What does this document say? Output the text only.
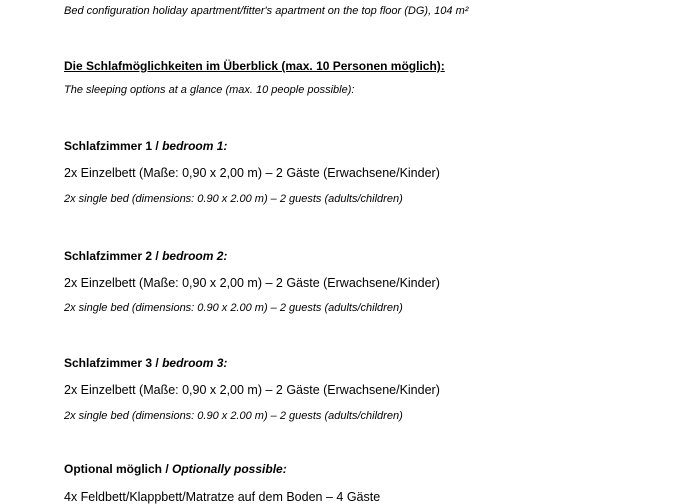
Bed configuration holiday apartment/fitter's apartment on the top floor (DG), 104 m²
Die Schlafmöglichkeiten im Überblick (max. 10 Personen möglich):
The sleeping options at a glance (max. 10 people possible):
Schlafzimmer 1 / bedroom 1:
2x Einzelbett (Maße: 0,90 x 2,00 m) – 2 Gäste (Erwachsene/Kinder)
2x single bed (dimensions: 0.90 x 2.00 m) – 2 guests (adults/children)
Schlafzimmer 2 / bedroom 2:
2x Einzelbett (Maße: 0,90 x 2,00 m) – 2 Gäste (Erwachsene/Kinder)
2x single bed (dimensions: 0.90 x 2.00 m) – 2 guests (adults/children)
Schlafzimmer 3 / bedroom 3:
2x Einzelbett (Maße: 0,90 x 2,00 m) – 2 Gäste (Erwachsene/Kinder)
2x single bed (dimensions: 0.90 x 2.00 m) – 2 guests (adults/children)
Optional möglich / Optionally possible:
4x Feldbett/Klappbett/Matratze auf dem Boden – 4 Gäste
